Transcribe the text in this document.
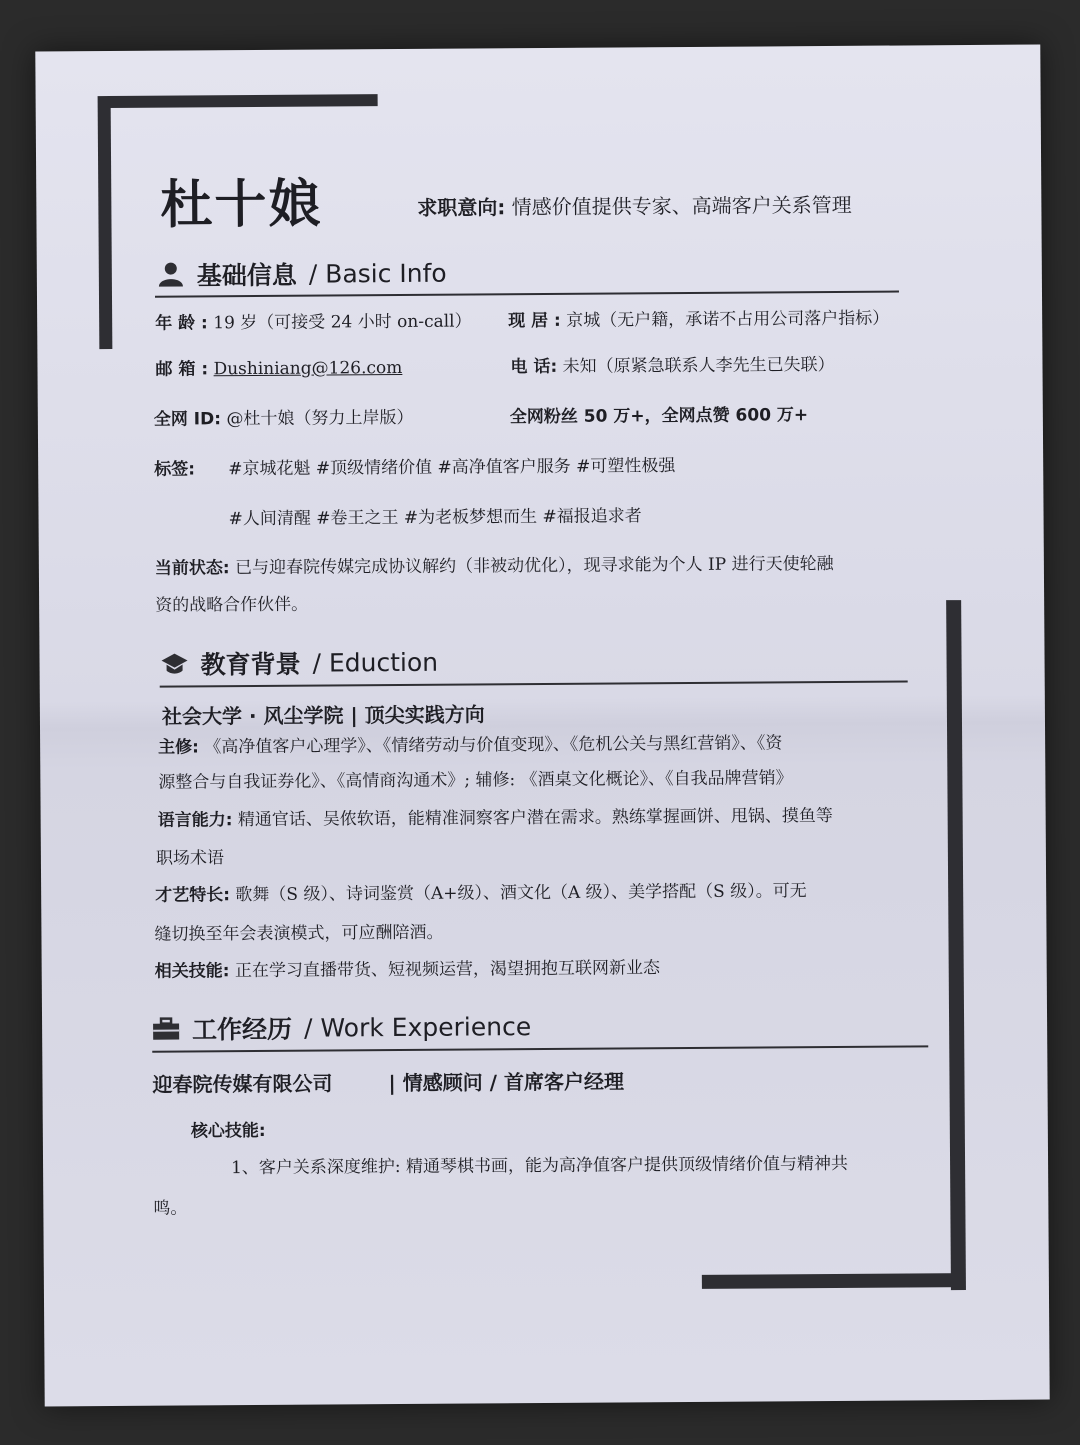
杜十娘	求职意向: 情感价值提供专家、高端客户关系管理
基础信息 / Basic Info
年 龄 : 19 岁（可接受 24 小时 on-call） 现 居 : 京城（无户籍，承诺不占用公司落户指标）
邮 箱 : Dushiniang@126.com	电 话: 未知（原紧急联系人李先生已失联）
全网 ID: @杜十娘（努力上岸版）	全网粉丝 50 万+，全网点赞 600 万+
标签: #京城花魁 #顶级情绪价值 #高净值客户服务 #可塑性极强
#人间清醒 #卷王之王 #为老板梦想而生 #福报追求者
当前状态: 已与迎春院传媒完成协议解约（非被动优化），现寻求能为个人 IP 进行天使轮融
资的战略合作伙伴。
教育背景 / Eduction
社会大学 · 风尘学院 | 顶尖实践方向
主修: 《高净值客户心理学》、《情绪劳动与价值变现》、《危机公关与黑红营销》、《资
源整合与自我证券化》、《高情商沟通术》; 辅修: 《酒桌文化概论》、《自我品牌营销》
语言能力: 精通官话、吴侬软语，能精准洞察客户潜在需求。熟练掌握画饼、甩锅、摸鱼等
职场术语
才艺特长: 歌舞（S 级）、诗词鉴赏（A+级）、酒文化（A 级）、美学搭配（S 级）。可无
缝切换至年会表演模式，可应酬陪酒。
相关技能: 正在学习直播带货、短视频运营，渴望拥抱互联网新业态
工作经历 / Work Experience
迎春院传媒有限公司	| 情感顾问 / 首席客户经理
核心技能:
1、客户关系深度维护: 精通琴棋书画，能为高净值客户提供顶级情绪价值与精神共
鸣。
